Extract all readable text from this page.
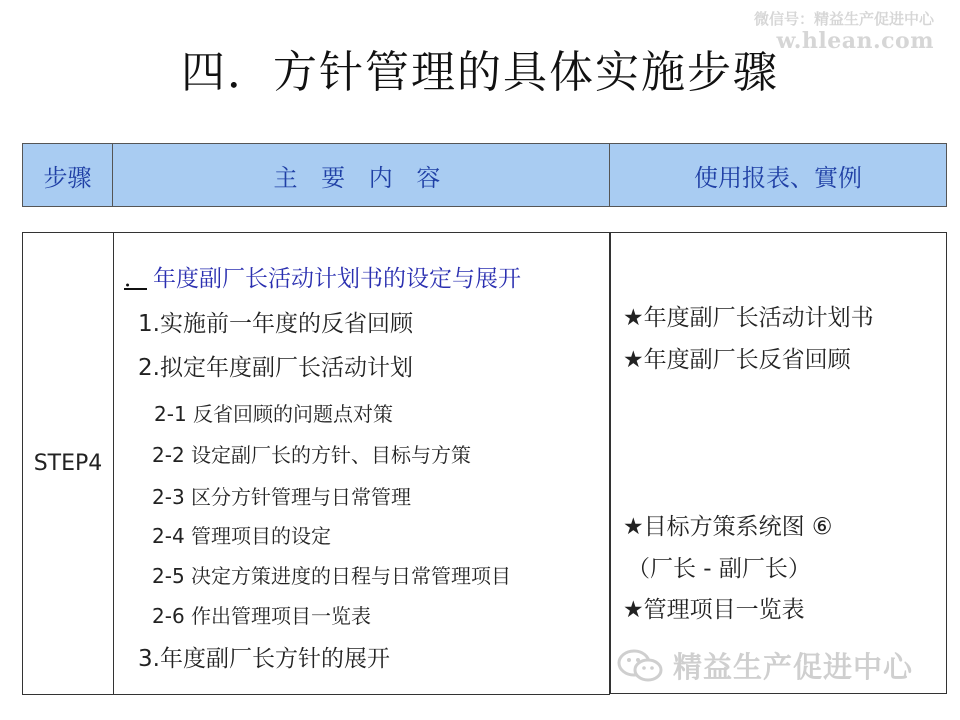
微信号：精益生产促进中心
w.hlean.com
四．方针管理的具体实施步骤
步骤	主 要 内 容	使用报表、實例
STEP4
． 年度副厂长活动计划书的设定与展开
1.实施前一年度的反省回顾
2.拟定年度副厂长活动计划
2-1 反省回顾的问题点对策
2-2 设定副厂长的方针、目标与方策
2-3 区分方针管理与日常管理
2-4 管理项目的设定
2-5 决定方策进度的日程与日常管理项目
2-6 作出管理项目一览表
3.年度副厂长方针的展开
★年度副厂长活动计划书
★年度副厂长反省回顾
★目标方策系统图 ⑥
（厂长 - 副厂长）
★管理项目一览表
精益生产促进中心
